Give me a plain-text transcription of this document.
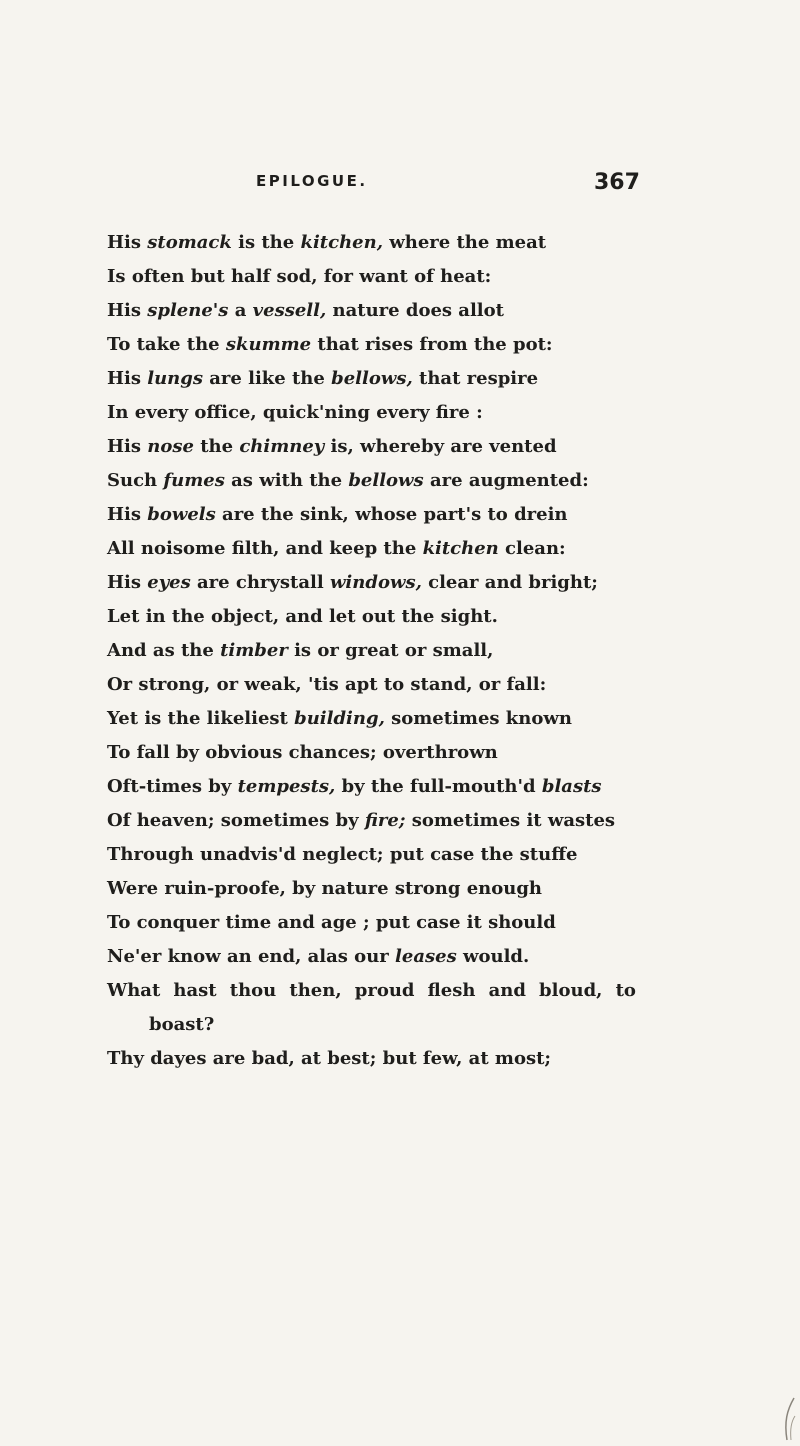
EPILOGUE.	367
His stomack is the kitchen, where the meat
Is often but half sod, for want of heat:
His splene's a vessell, nature does allot
To take the skumme that rises from the pot:
His lungs are like the bellows, that respire
In every office, quick'ning every fire :
His nose the chimney is, whereby are vented
Such fumes as with the bellows are augmented:
His bowels are the sink, whose part's to drein
All noisome filth, and keep the kitchen clean:
His eyes are chrystall windows, clear and bright;
Let in the object, and let out the sight.
And as the timber is or great or small,
Or strong, or weak, 'tis apt to stand, or fall:
Yet is the likeliest building, sometimes known
To fall by obvious chances; overthrown
Oft-times by tempests, by the full-mouth'd blasts
Of heaven; sometimes by fire; sometimes it wastes
Through unadvis'd neglect; put case the stuffe
Were ruin-proofe, by nature strong enough
To conquer time and age ; put case it should
Ne'er know an end, alas our leases would.
What hast thou then, proud flesh and bloud, to
boast?
Thy dayes are bad, at best; but few, at most;
